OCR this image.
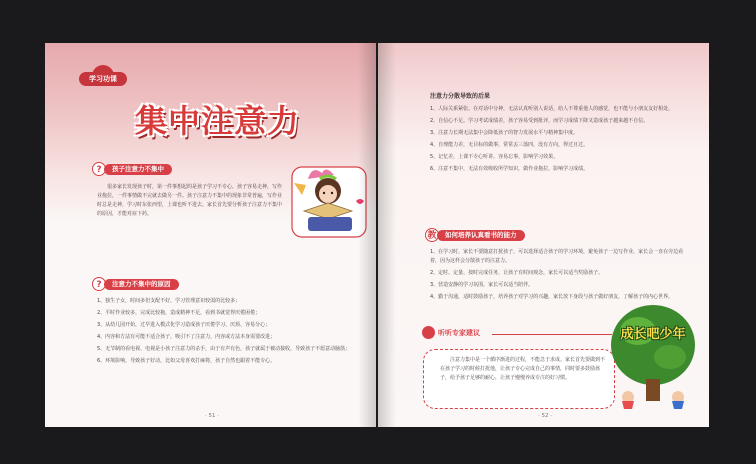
学习功课
集中注意力
?	孩子注意力不集中

很多家长发现孩子时，第一件事想起的是孩子学习不专心，孩子容易走神，写作业拖拉，一件事情做不完就去做另一件。孩子注意力不集中的现象非常普遍，写作业时总是走神，学习时东张西望，上课也听不进去。家长首先要分析孩子注意力不集中的原因，才能对症下药。

?	注意力不集中的原因

1、独生子女，时间多但支配不好，学习管理意识较弱的比较多；

2、平时作业较多，完成比较拖，造成精神不足，看到书就觉得厌倦困倦；

3、从幼儿园开始，过早进入模式化学习造成孩子厌倦学习、厌烦、容易分心；

4、内容和方法有可能不适合孩子，吸引不了注意力，内容或方法本身需要改进；

5、无节制的看电视、电视是小孩子注意力的杀手，由于有声有色，孩子就属于被动接收，导致孩子不愿意动脑筋；

6、环境影响，导致孩子好动，比如父母喜欢打麻将，孩子自然也跟着不能专心。

· 51 ·
注意力分散导致的后果

1、人际关系紧张。在对话中分神，无法认真听别人说话，给人不尊重他人的感觉，也不能与小朋友友好相处。

2、自信心不足。学习考试成绩差，孩子容易受到批评，而学习成绩下降又造成孩子越来越不自信。

3、注意力长期无法集中会降低孩子的智力发展水平与精神集中度。

4、自理能力差，无目标的做事，常常丢三落四，没有方向，得过且过。

5、记忆差，上课不专心听讲，容易忘事，影响学习效果。

6、注意不集中，无法有效吸收所学知识，做作业拖拉，影响学习成绩。

教	如何培养认真看书的能力

1、在学习时，家长不要随意打扰孩子，可以选择适合孩子的学习环境，避免孩子一边写作业，家长会一直在旁边看着，因为这样会分散孩子的注意力。

2、定时、定量、按时完成任务，让孩子有时间观念，家长可以适当奖励孩子。

3、营造安静的学习氛围，家长可以适当陪伴。

4、勤于沟通，适时鼓励孩子，培养孩子对学习的兴趣，家长放下身段与孩子做好朋友，了解孩子的内心世界。

听听专家建议
注意力集中是一个循序渐进的过程，不能急于求成。家长首先要做到不在孩子学习的时候打扰他，让孩子专心完成自己的事情，同时要多鼓励孩子，给予孩子足够的耐心，让孩子慢慢养成专注的好习惯。
成长吧少年
· 52 ·
